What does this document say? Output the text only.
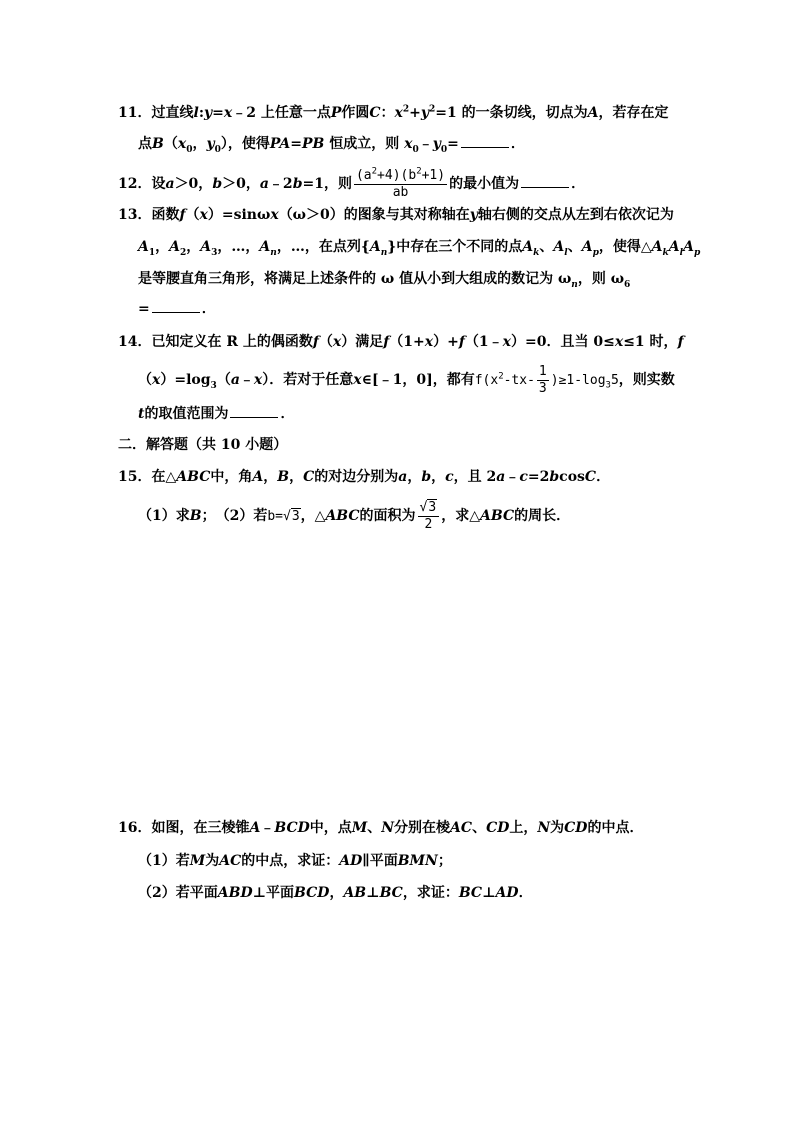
11．过直线l:y=x﹣2 上任意一点P作圆C：$x^2+y^2=1$ 的一条切线，切点为A，若存在定
点$B(x_0$，$y_0$），使得PA=PB 恒成立，则 $x_0﹣y_0=$	．
12．设a＞0，b＞0，a﹣2b=1，则 $\frac{(a^2+4)(b^2+1)}{ab}$ 的最小值为	．
13．函数f（x）=sinωx（ω＞0）的图象与其对称轴在y轴右侧的交点从左到右依次记为
$A_1$，$A_2$，$A_3$，…，$A_n$，…，在点列$\{A_n\}$中存在三个不同的点$A_k$、$A_l$、$A_p$，使得$\triangle A_kA_lA_p$
是等腰直角三角形，将满足上述条件的 ω 值从小到大组成的数记为 $\omega_n$，则 $\omega_6$
=	．
14．已知定义在 R 上的偶函数f（x）满足f（1+x）+f（1﹣x）=0．且当 0≤x≤1 时，f
$(x)=\log_3(a﹣x)$．若对于任意x∈[﹣1，0]，都有$f(x^2-tx- \frac{1}{3} )\ge 1-\log_35$，则实数
t的取值范围为	．
二．解答题（共 10 小题）
15．在△ABC中，角A，B，C的对边分别为a，b，c，且 2a﹣c=2bcosC．
（1）求B；　（2）若b=√3，△ABC的面积为 $\frac{√3}{2}$ ，求△ABC的周长．
16．如图，在三棱锥A﹣BCD中，点M、N分别在棱AC、CD上，N为CD的中点．
（1）若M为AC的中点，求证：AD∥平面BMN；
（2）若平面ABD⊥平面BCD，AB⊥BC，求证：BC⊥AD．
